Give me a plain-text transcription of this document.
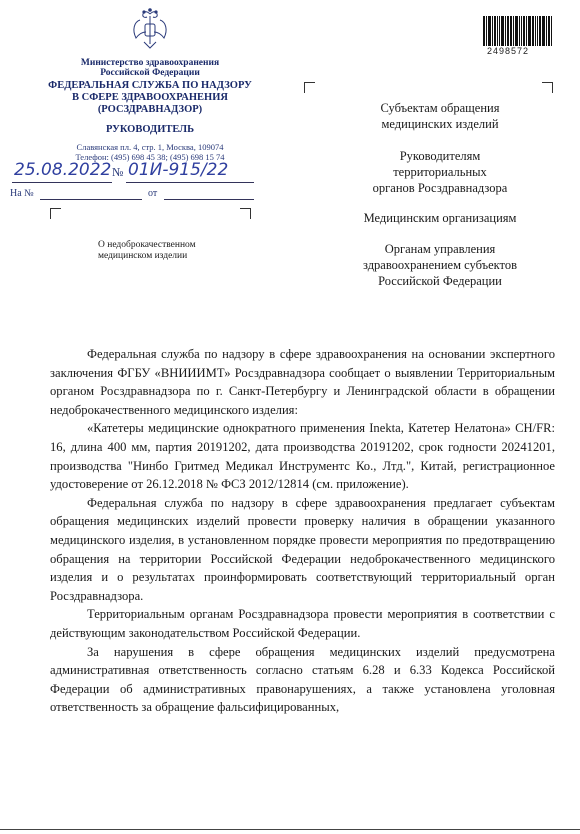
2498572
Министерство здравоохранения
Российской Федерации
ФЕДЕРАЛЬНАЯ СЛУЖБА ПО НАДЗОРУ
В СФЕРЕ ЗДРАВООХРАНЕНИЯ
(РОСЗДРАВНАДЗОР)
РУКОВОДИТЕЛЬ
Славянская пл. 4, стр. 1, Москва, 109074
Телефон: (495) 698 45 38; (495) 698 15 74
25.08.2022 № 01И-915/22
На №	от
О недоброкачественном
медицинском изделии
Субъектам обращения
медицинских изделий
Руководителям
территориальных
органов Росздравнадзора
Медицинским организациям
Органам управления
здравоохранением субъектов
Российской Федерации

Федеральная служба по надзору в сфере здравоохранения на основании экспертного заключения ФГБУ «ВНИИИМТ» Росздравнадзора сообщает о выявлении Территориальным органом Росздравнадзора по г. Санкт-Петербургу и Ленинградской области в обращении недоброкачественного медицинского изделия:

«Катетеры медицинские однократного применения Inekta, Катетер Нелатона» CH/FR: 16, длина 400 мм, партия 20191202, дата производства 20191202, срок годности 20241201, производства "Нинбо Гритмед Медикал Инструментс Ко., Лтд.", Китай, регистрационное удостоверение от 26.12.2018 № ФСЗ 2012/12814 (см. приложение).

Федеральная служба по надзору в сфере здравоохранения предлагает субъектам обращения медицинских изделий провести проверку наличия в обращении указанного медицинского изделия, в установленном порядке провести мероприятия по предотвращению обращения на территории Российской Федерации недоброкачественного медицинского изделия и о результатах проинформировать соответствующий территориальный орган Росздравнадзора.

Территориальным органам Росздравнадзора провести мероприятия в соответствии с действующим законодательством Российской Федерации.

За нарушения в сфере обращения медицинских изделий предусмотрена административная ответственность согласно статьям 6.28 и 6.33 Кодекса Российской Федерации об административных правонарушениях, а также установлена уголовная ответственность за обращение фальсифицированных,
